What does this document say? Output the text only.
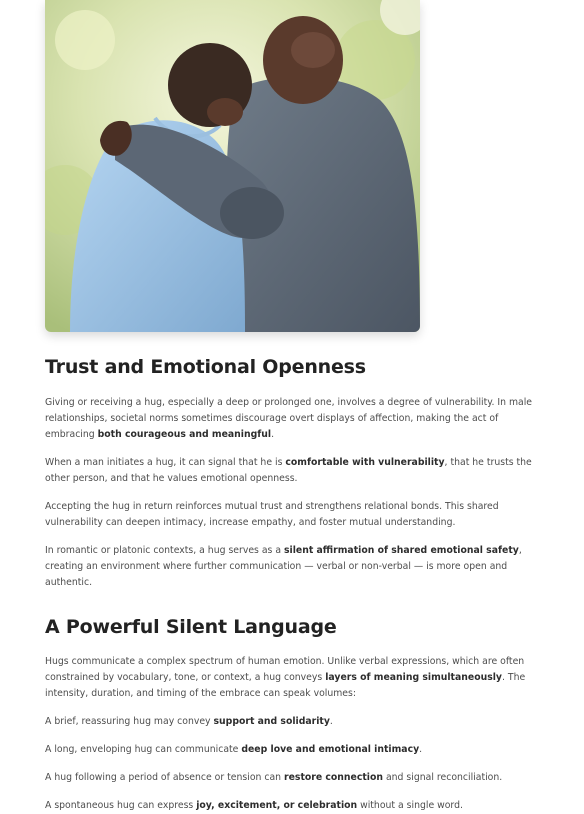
Trust and Emotional Openness

Giving or receiving a hug, especially a deep or prolonged one, involves a degree of vulnerability. In male relationships, societal norms sometimes discourage overt displays of affection, making the act of embracing both courageous and meaningful.

When a man initiates a hug, it can signal that he is comfortable with vulnerability, that he trusts the other person, and that he values emotional openness.

Accepting the hug in return reinforces mutual trust and strengthens relational bonds. This shared vulnerability can deepen intimacy, increase empathy, and foster mutual understanding.

In romantic or platonic contexts, a hug serves as a silent affirmation of shared emotional safety, creating an environment where further communication — verbal or non-verbal — is more open and authentic.

A Powerful Silent Language

Hugs communicate a complex spectrum of human emotion. Unlike verbal expressions, which are often constrained by vocabulary, tone, or context, a hug conveys layers of meaning simultaneously. The intensity, duration, and timing of the embrace can speak volumes:

A brief, reassuring hug may convey support and solidarity.

A long, enveloping hug can communicate deep love and emotional intimacy.

A hug following a period of absence or tension can restore connection and signal reconciliation.

A spontaneous hug can express joy, excitement, or celebration without a single word.
